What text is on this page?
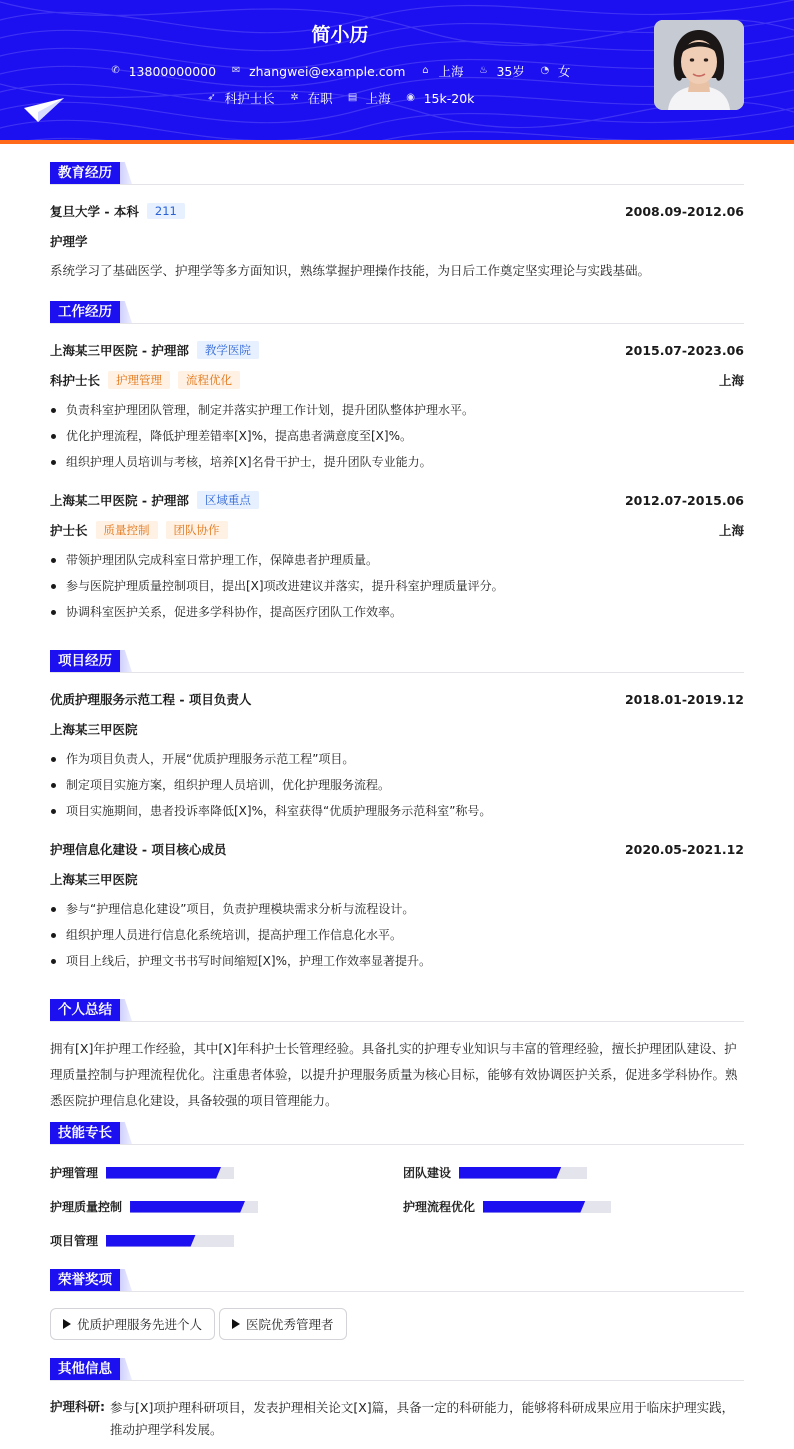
简小历
✆ 13800000000 ✉ zhangwei@example.com ⌂ 上海 ♨ 35岁 ◔ 女
➶ 科护士长 ✲ 在职 ▤ 上海 ◉ 15k-20k
教育经历
复旦大学 - 本科	211	2008.09-2012.06
护理学
系统学习了基础医学、护理学等多方面知识，熟练掌握护理操作技能，为日后工作奠定坚实理论与实践基础。
工作经历
上海某三甲医院 - 护理部	教学医院	2015.07-2023.06
科护士长	护理管理	流程优化	上海
负责科室护理团队管理，制定并落实护理工作计划，提升团队整体护理水平。
优化护理流程，降低护理差错率[X]%，提高患者满意度至[X]%。
组织护理人员培训与考核，培养[X]名骨干护士，提升团队专业能力。
上海某二甲医院 - 护理部	区域重点	2012.07-2015.06
护士长	质量控制	团队协作	上海
带领护理团队完成科室日常护理工作，保障患者护理质量。
参与医院护理质量控制项目，提出[X]项改进建议并落实，提升科室护理质量评分。
协调科室医护关系，促进多学科协作，提高医疗团队工作效率。
项目经历
优质护理服务示范工程 - 项目负责人	2018.01-2019.12
上海某三甲医院
作为项目负责人，开展“优质护理服务示范工程”项目。
制定项目实施方案，组织护理人员培训，优化护理服务流程。
项目实施期间，患者投诉率降低[X]%，科室获得“优质护理服务示范科室”称号。
护理信息化建设 - 项目核心成员	2020.05-2021.12
上海某三甲医院
参与“护理信息化建设”项目，负责护理模块需求分析与流程设计。
组织护理人员进行信息化系统培训，提高护理工作信息化水平。
项目上线后，护理文书书写时间缩短[X]%，护理工作效率显著提升。
个人总结
拥有[X]年护理工作经验，其中[X]年科护士长管理经验。具备扎实的护理专业知识与丰富的管理经验，擅长护理团队建设、护理质量控制与护理流程优化。注重患者体验，以提升护理服务质量为核心目标，能够有效协调医护关系，促进多学科协作。熟悉医院护理信息化建设，具备较强的项目管理能力。
技能专长
护理管理	团队建设
护理质量控制	护理流程优化
项目管理
荣誉奖项
优质护理服务先进个人	医院优秀管理者
其他信息
护理科研: 参与[X]项护理科研项目，发表护理相关论文[X]篇，具备一定的科研能力，能够将科研成果应用于临床护理实践，推动护理学科发展。
